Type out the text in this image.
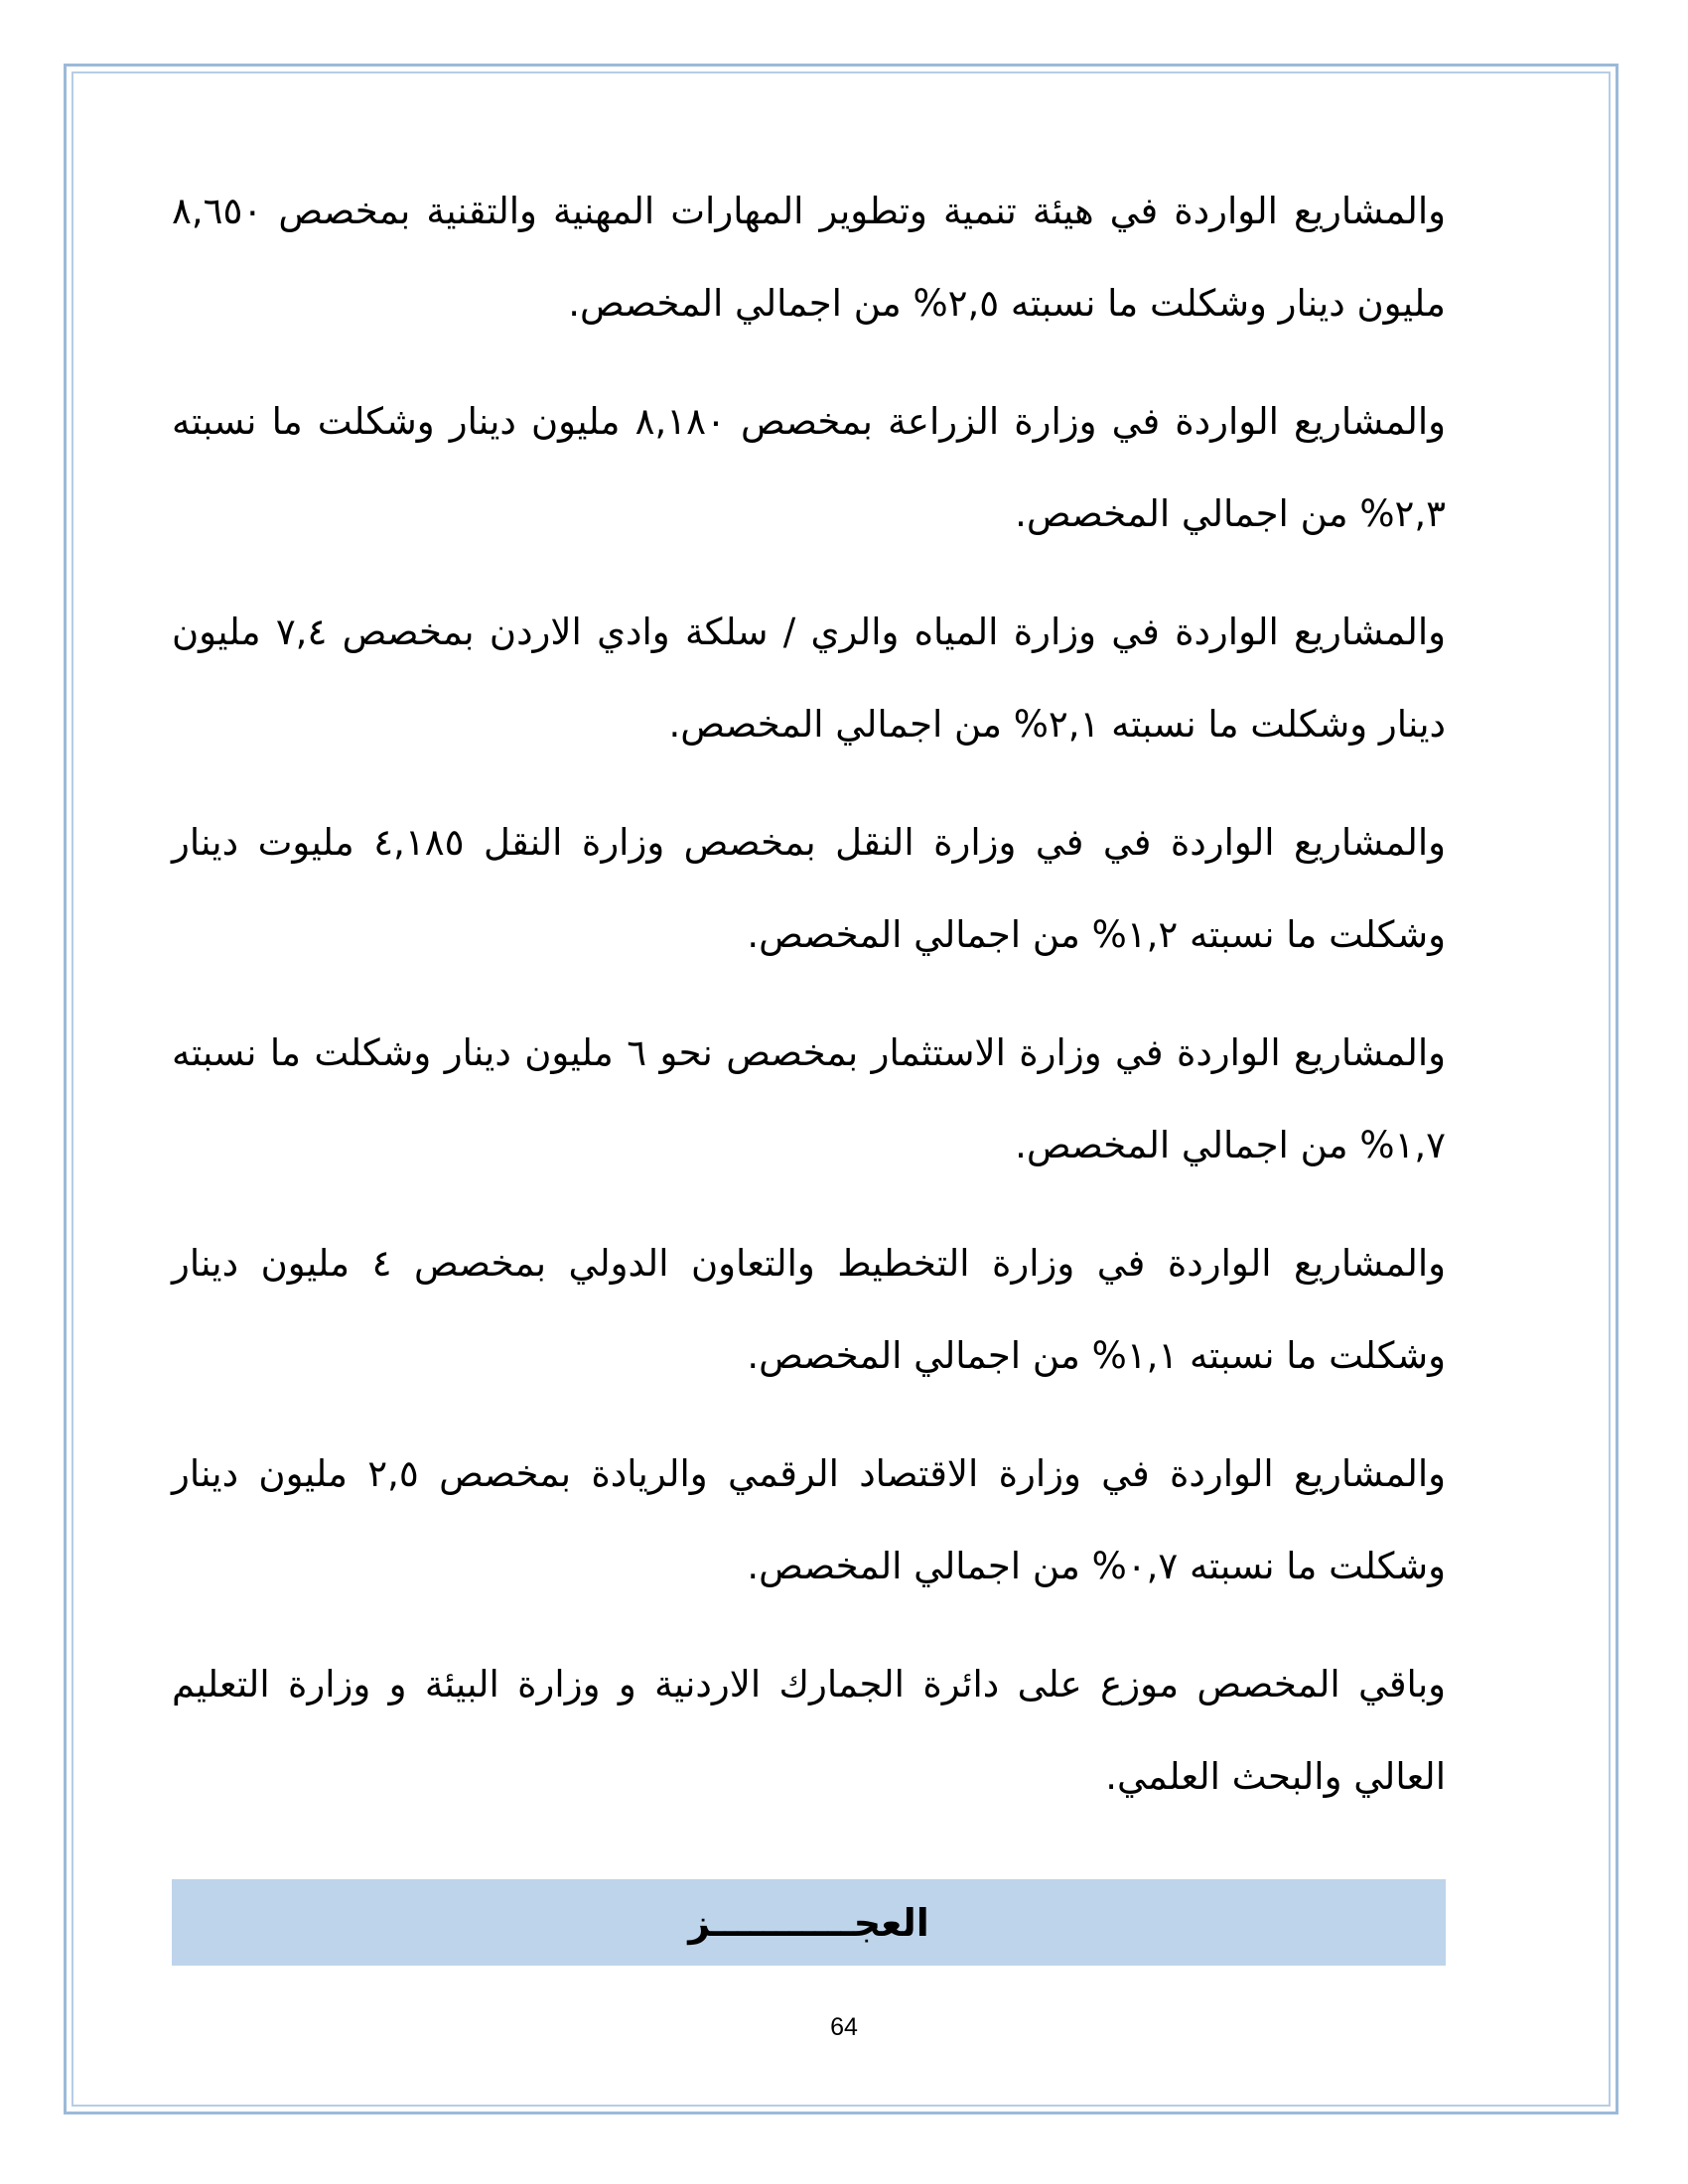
والمشاريع الواردة في هيئة تنمية وتطوير المهارات المهنية والتقنية بمخصص ٨,٦٥٠ مليون دينار وشكلت ما نسبته ٢,٥% من اجمالي المخصص.

والمشاريع الواردة في وزارة الزراعة بمخصص ٨,١٨٠ مليون دينار وشكلت ما نسبته ٢,٣% من اجمالي المخصص.

والمشاريع الواردة في وزارة المياه والري / سلكة وادي الاردن بمخصص ٧,٤ مليون دينار وشكلت ما نسبته ٢,١% من اجمالي المخصص.

والمشاريع الواردة في في وزارة النقل بمخصص وزارة النقل ٤,١٨٥ مليوت دينار وشكلت ما نسبته ١,٢% من اجمالي المخصص.

والمشاريع الواردة في وزارة الاستثمار بمخصص نحو ٦ مليون دينار وشكلت ما نسبته ١,٧% من اجمالي المخصص.

والمشاريع الواردة في وزارة التخطيط والتعاون الدولي بمخصص ٤ مليون دينار وشكلت ما نسبته ١,١% من اجمالي المخصص.

والمشاريع الواردة في وزارة الاقتصاد الرقمي والريادة بمخصص ٢,٥ مليون دينار وشكلت ما نسبته ٠,٧% من اجمالي المخصص.

وباقي المخصص موزع على دائرة الجمارك الاردنية و وزارة البيئة و وزارة التعليم العالي والبحث العلمي.

العجـــــــــــز
64
